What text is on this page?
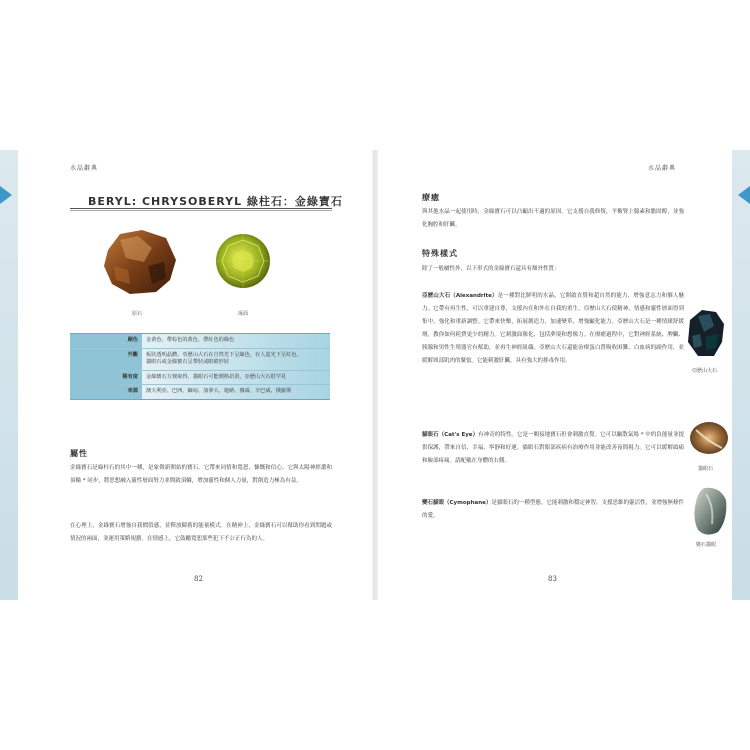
水晶辭典	水晶辭典
BERYL: CHRYSOBERYL 綠柱石：金綠寶石
原石	琢面
顏色	金黃色、帶棕色的黃色、帶紅色的綠色
外觀	板狀透明晶體。亞歷山大石在自然光下呈綠色，在人造光下呈紅色。
貓眼石或金綠寶石呈帶狀或眼睛形狀
稀有度	金綠寶石方便取得，貓眼石可能價格昂貴，亞歷山大石很罕見
來源	澳大利亞、巴西、緬甸、加拿大、迦納、挪威、辛巴威、俄羅斯
屬性
金綠寶石是綠柱石的其中一種，是象徵新開始的寶石。它帶來同情和寬恕，慷慨和信心。它與太陽神經叢和頂輪 * 同步，將思想融入靈性層面努力並開啟頂輪，增加靈性和個人力量，對創造力極為有益。
在心理上，金綠寶石增強自我價值感，並釋放陳舊的能量模式。在精神上，金綠寶石可以幫助你看到問題或情況的兩面，並運用策略規劃。在情感上，它鼓勵寬恕那些犯下不公正行為的人。
82
療癒
與其他水晶一起使用時，金綠寶石可以凸顯出不適的原因。它支援自我修復，平衡腎上腺素和膽固醇，並強化胸腔和肝臟。
特殊樣式
除了一般屬性外，以下形式的金綠寶石還具有額外性質：
亞歷山大石（Alexandrite）是一種對比鮮明的水晶，它開啟直覺和超自然的能力，增強意志力和個人魅力。它帶有再生性，可以重建自尊，支援內在和外在自我的重生。亞歷山大石使精神、情感和靈性層面得到集中、強化和重新調整。它帶來快樂，拓展創造力，加速變革，增強顯化能力。亞歷山大石是一種情緒舒緩劑，教你如何耗費更少的精力。它刺激面像化，包括夢境和想像力。在療癒過程中，它對神經系統、脾臟、胰腺和男性生殖器官有幫助，並再生神經組織。亞歷山大石還能治療蛋白質吸收困難、白血病的副作用，並緩解頸部肌肉的緊張。它能刺激肝臟，具有強大的排毒作用。
貓眼石（Cat's Eye）有神奇的特性。它是一顆接地寶石但會刺激直覺。它可以驅散氣場 * 中的負能量並提供保護，帶來自信、幸福、寧靜和好運。貓眼石對眼部疾病有治療作用並能改善夜間視力。它可以緩解頭痛和臉部疼痛。請配戴在身體的右側。
變石貓眼（Cymophane）是貓眼石的一種型態。它能刺激和穩定神智，支援思維的靈活性，並增強無條件的愛。
亞歷山大石
貓眼石
變石貓眼
83
